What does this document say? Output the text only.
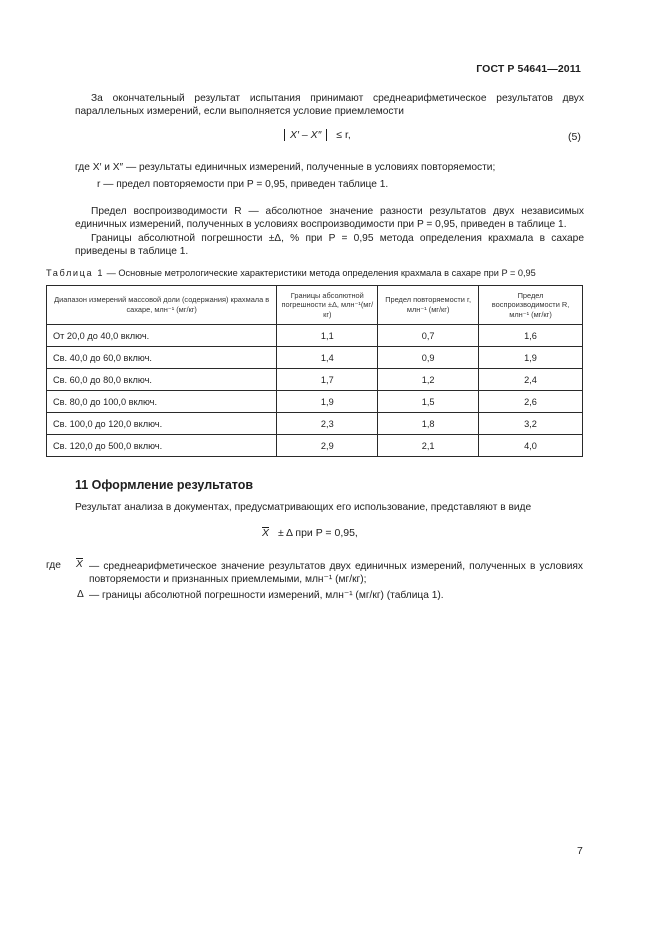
ГОСТ Р 54641—2011
За окончательный результат испытания принимают среднеарифметическое результатов двух параллельных измерений, если выполняется условие приемлемости
X′ – X″ ≤ r,	(5)
где X′ и X″ — результаты единичных измерений, полученные в условиях повторяемости;
r — предел повторяемости при P = 0,95, приведен таблице 1.
Предел воспроизводимости R — абсолютное значение разности результатов двух независимых единичных измерений, полученных в условиях воспроизводимости при P = 0,95, приведен в таблице 1.
Границы абсолютной погрешности ±Δ, % при P = 0,95 метода определения крахмала в сахаре приведены в таблице 1.
Таблица 1 — Основные метрологические характеристики метода определения крахмала в сахаре при P = 0,95
Диапазон измерений массовой доли (содержания) крахмала в сахаре, млн⁻¹ (мг/кг)	Границы абсолютной погрешности ±Δ, млн⁻¹(мг/кг)	Предел повторяемости r, млн⁻¹ (мг/кг)	Предел воспроизводимости R, млн⁻¹ (мг/кг)
От 20,0 до 40,0 включ.	1,1	0,7	1,6
Св. 40,0 до 60,0 включ.	1,4	0,9	1,9
Св. 60,0 до 80,0 включ.	1,7	1,2	2,4
Св. 80,0 до 100,0 включ.	1,9	1,5	2,6
Св. 100,0 до 120,0 включ.	2,3	1,8	3,2
Св. 120,0 до 500,0 включ.	2,9	2,1	4,0
11 Оформление результатов
Результат анализа в документах, предусматривающих его использование, представляют в виде
X ± Δ при P = 0,95,
где X — среднеарифметическое значение результатов двух единичных измерений, полученных в условиях повторяемости и признанных приемлемыми, млн⁻¹ (мг/кг);
Δ — границы абсолютной погрешности измерений, млн⁻¹ (мг/кг) (таблица 1).
7
